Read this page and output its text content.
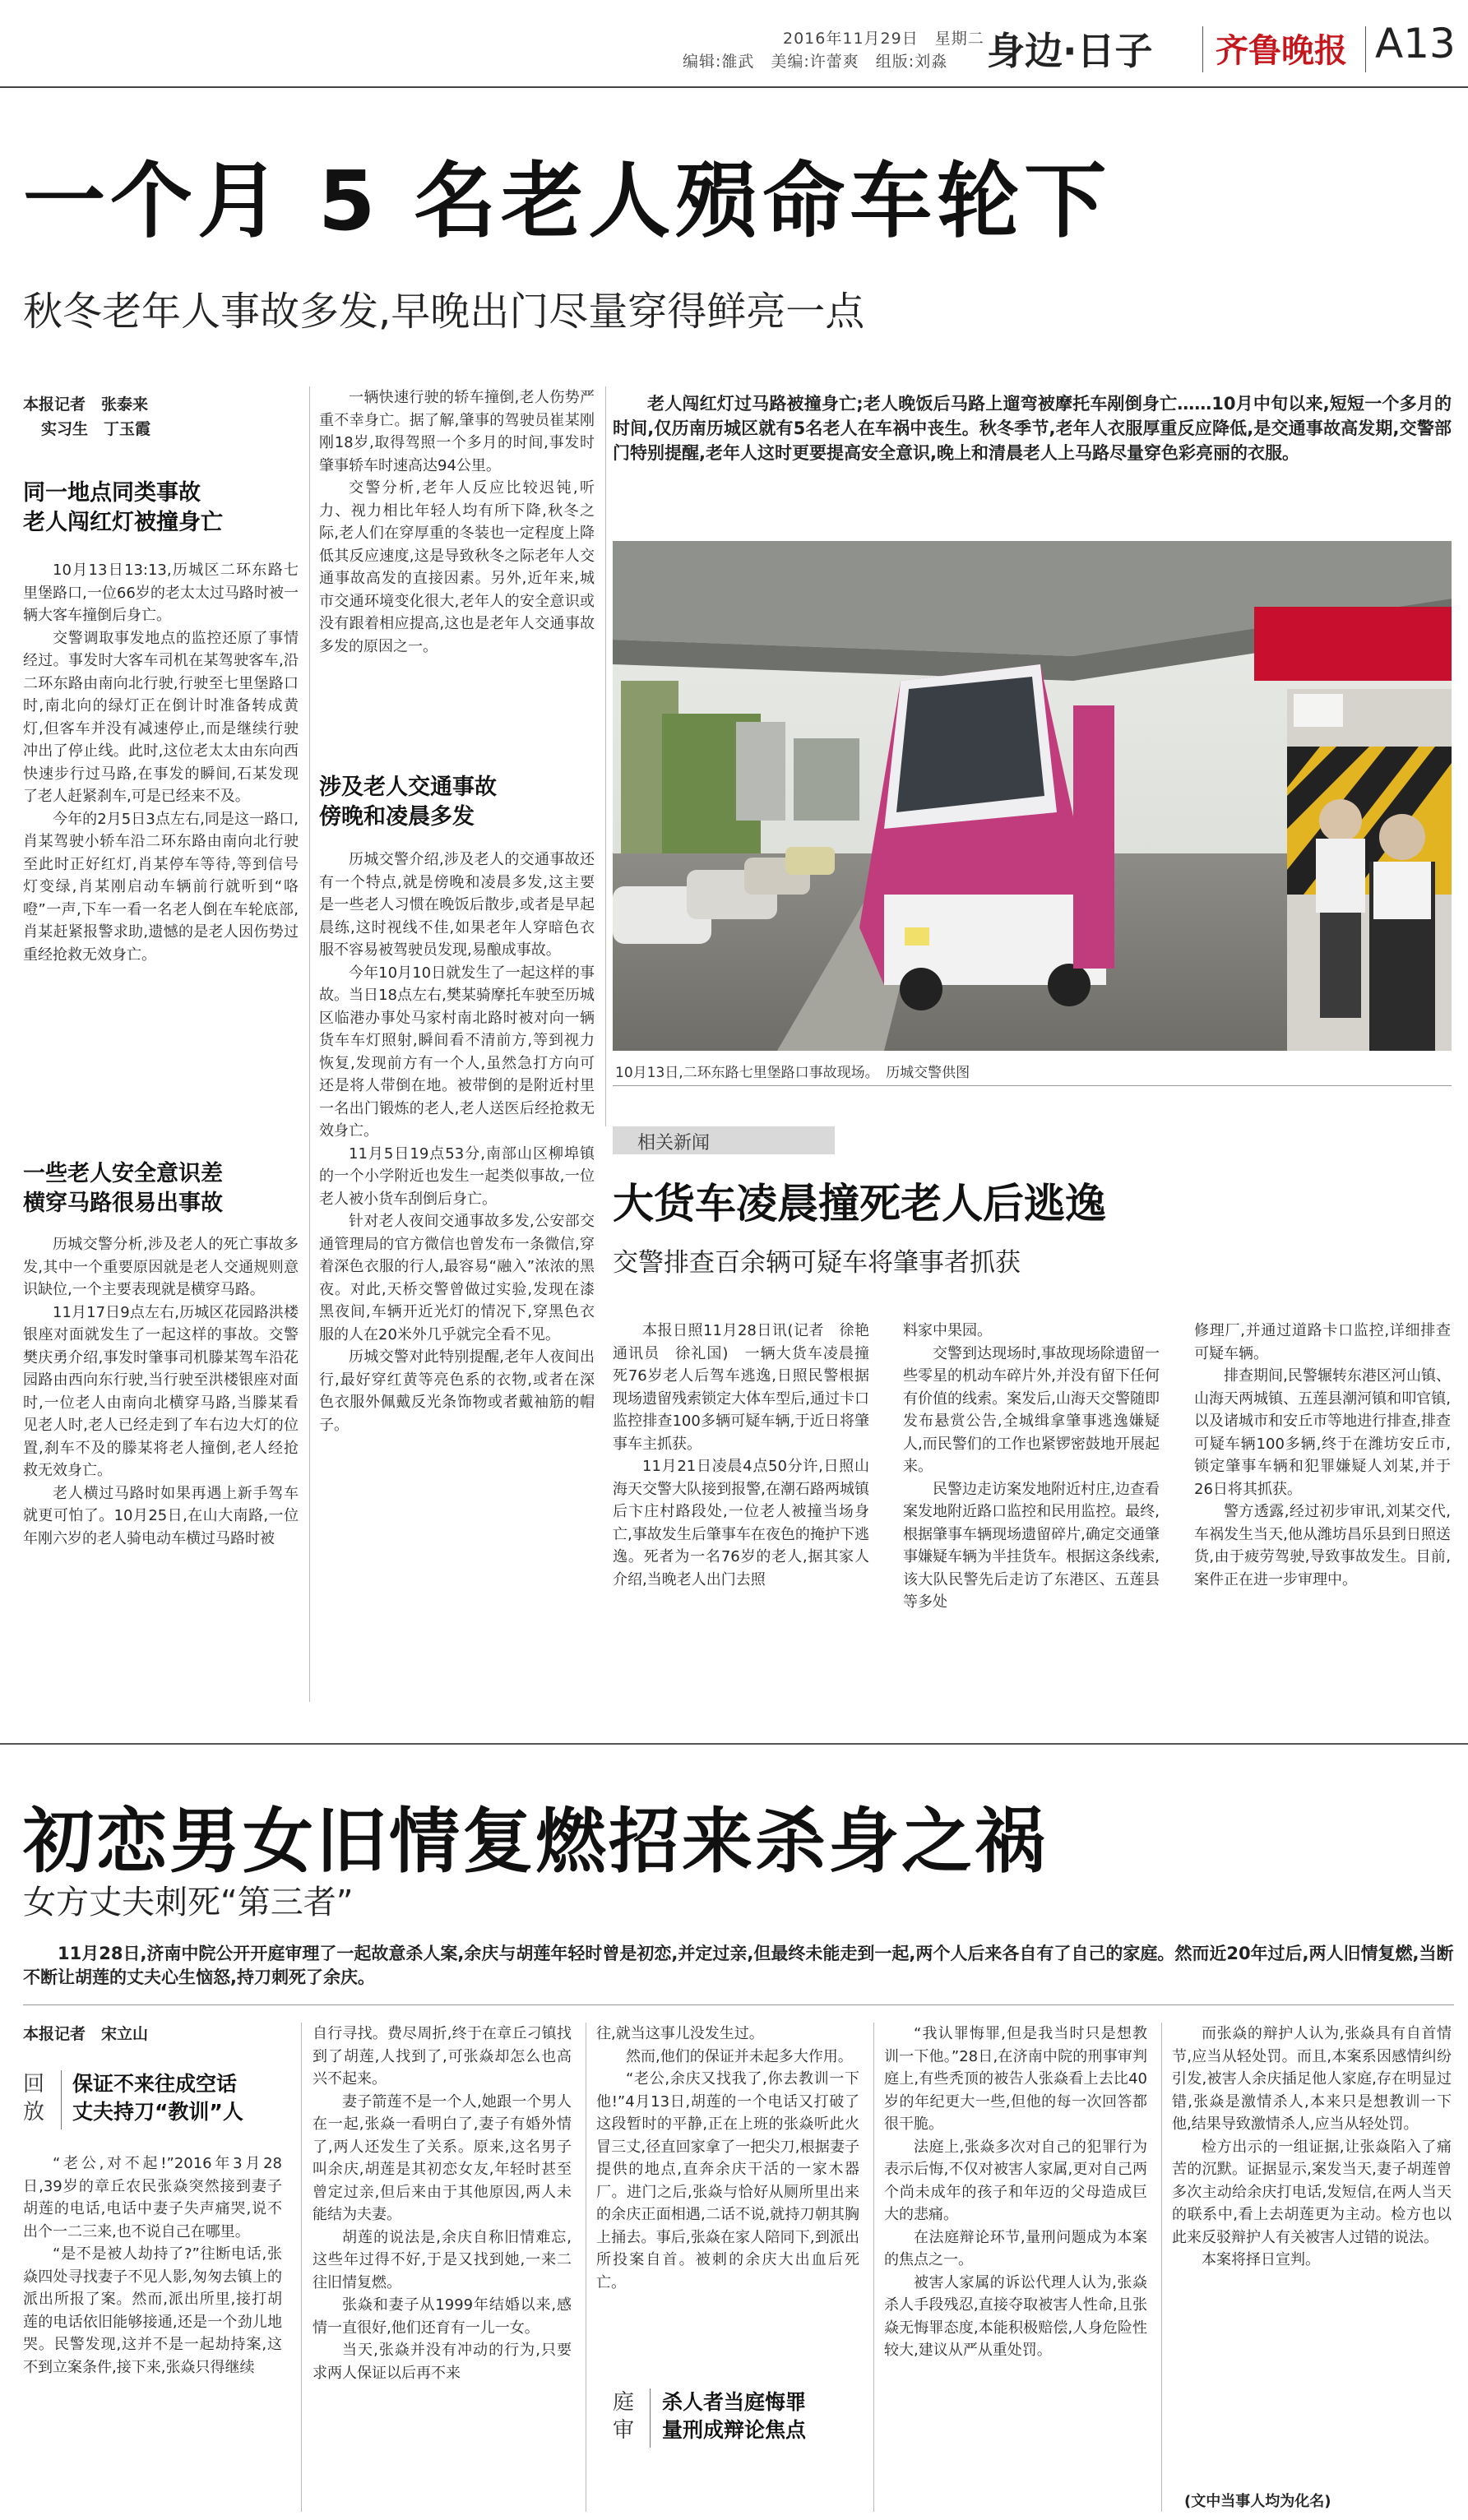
2016年11月29日　星期二
编辑:雒武　美编:许蕾爽　组版:刘淼 身边·日子 齐鲁晚报 A13
一个月 5 名老人殒命车轮下
秋冬老年人事故多发,早晚出门尽量穿得鲜亮一点
本报记者　张泰来
实习生　丁玉霞
同一地点同类事故
老人闯红灯被撞身亡

10月13日13:13,历城区二环东路七里堡路口,一位66岁的老太太过马路时被一辆大客车撞倒后身亡。

交警调取事发地点的监控还原了事情经过。事发时大客车司机在某驾驶客车,沿二环东路由南向北行驶,行驶至七里堡路口时,南北向的绿灯正在倒计时准备转成黄灯,但客车并没有减速停止,而是继续行驶冲出了停止线。此时,这位老太太由东向西快速步行过马路,在事发的瞬间,石某发现了老人赶紧刹车,可是已经来不及。

今年的2月5日3点左右,同是这一路口,肖某驾驶小轿车沿二环东路由南向北行驶至此时正好红灯,肖某停车等待,等到信号灯变绿,肖某刚启动车辆前行就听到“咯噔”一声,下车一看一名老人倒在车轮底部,肖某赶紧报警求助,遗憾的是老人因伤势过重经抢救无效身亡。

一些老人安全意识差
横穿马路很易出事故

历城交警分析,涉及老人的死亡事故多发,其中一个重要原因就是老人交通规则意识缺位,一个主要表现就是横穿马路。

11月17日9点左右,历城区花园路洪楼银座对面就发生了一起这样的事故。交警樊庆勇介绍,事发时肇事司机滕某驾车沿花园路由西向东行驶,当行驶至洪楼银座对面时,一位老人由南向北横穿马路,当滕某看见老人时,老人已经走到了车右边大灯的位置,刹车不及的滕某将老人撞倒,老人经抢救无效身亡。

老人横过马路时如果再遇上新手驾车就更可怕了。10月25日,在山大南路,一位年刚六岁的老人骑电动车横过马路时被

一辆快速行驶的轿车撞倒,老人伤势严重不幸身亡。据了解,肇事的驾驶员崔某刚刚18岁,取得驾照一个多月的时间,事发时肇事轿车时速高达94公里。

交警分析,老年人反应比较迟钝,听力、视力相比年轻人均有所下降,秋冬之际,老人们在穿厚重的冬装也一定程度上降低其反应速度,这是导致秋冬之际老年人交通事故高发的直接因素。另外,近年来,城市交通环境变化很大,老年人的安全意识或没有跟着相应提高,这也是老年人交通事故多发的原因之一。

涉及老人交通事故
傍晚和凌晨多发

历城交警介绍,涉及老人的交通事故还有一个特点,就是傍晚和凌晨多发,这主要是一些老人习惯在晚饭后散步,或者是早起晨练,这时视线不佳,如果老年人穿暗色衣服不容易被驾驶员发现,易酿成事故。

今年10月10日就发生了一起这样的事故。当日18点左右,樊某骑摩托车驶至历城区临港办事处马家村南北路时被对向一辆货车车灯照射,瞬间看不清前方,等到视力恢复,发现前方有一个人,虽然急打方向可还是将人带倒在地。被带倒的是附近村里一名出门锻炼的老人,老人送医后经抢救无效身亡。

11月5日19点53分,南部山区柳埠镇的一个小学附近也发生一起类似事故,一位老人被小货车刮倒后身亡。

针对老人夜间交通事故多发,公安部交通管理局的官方微信也曾发布一条微信,穿着深色衣服的行人,最容易“融入”浓浓的黑夜。对此,天桥交警曾做过实验,发现在漆黑夜间,车辆开近光灯的情况下,穿黑色衣服的人在20米外几乎就完全看不见。

历城交警对此特别提醒,老年人夜间出行,最好穿红黄等亮色系的衣物,或者在深色衣服外佩戴反光条饰物或者戴袖筋的帽子。

老人闯红灯过马路被撞身亡;老人晚饭后马路上遛弯被摩托车剐倒身亡……10月中旬以来,短短一个多月的时间,仅历南历城区就有5名老人在车祸中丧生。秋冬季节,老年人衣服厚重反应降低,是交通事故高发期,交警部门特别提醒,老年人这时更要提高安全意识,晚上和清晨老人上马路尽量穿色彩亮丽的衣服。
10月13日,二环东路七里堡路口事故现场。　历城交警供图
相关新闻
大货车凌晨撞死老人后逃逸
交警排查百余辆可疑车将肇事者抓获

本报日照11月28日讯(记者　徐艳　通讯员　徐礼国)　一辆大货车凌晨撞死76岁老人后驾车逃逸,日照民警根据现场遗留残索锁定大体车型后,通过卡口监控排查100多辆可疑车辆,于近日将肇事车主抓获。

11月21日凌晨4点50分许,日照山海天交警大队接到报警,在潮石路两城镇后卞庄村路段处,一位老人被撞当场身亡,事故发生后肇事车在夜色的掩护下逃逸。死者为一名76岁的老人,据其家人介绍,当晚老人出门去照

料家中果园。

交警到达现场时,事故现场除遗留一些零星的机动车碎片外,并没有留下任何有价值的线索。案发后,山海天交警随即发布悬赏公告,全城缉拿肇事逃逸嫌疑人,而民警们的工作也紧锣密鼓地开展起来。

民警边走访案发地附近村庄,边查看案发地附近路口监控和民用监控。最终,根据肇事车辆现场遗留碎片,确定交通肇事嫌疑车辆为半挂货车。根据这条线索,该大队民警先后走访了东港区、五莲县等多处

修理厂,并通过道路卡口监控,详细排查可疑车辆。

排查期间,民警辗转东港区河山镇、山海天两城镇、五莲县潮河镇和叩官镇,以及诸城市和安丘市等地进行排查,排查可疑车辆100多辆,终于在潍坊安丘市,锁定肇事车辆和犯罪嫌疑人刘某,并于26日将其抓获。

警方透露,经过初步审讯,刘某交代,车祸发生当天,他从潍坊昌乐县到日照送货,由于疲劳驾驶,导致事故发生。目前,案件正在进一步审理中。

初恋男女旧情复燃招来杀身之祸
女方丈夫刺死“第三者”
11月28日,济南中院公开开庭审理了一起故意杀人案,余庆与胡莲年轻时曾是初恋,并定过亲,但最终未能走到一起,两个人后来各自有了自己的家庭。然而近20年过后,两人旧情复燃,当断不断让胡莲的丈夫心生恼怒,持刀刺死了余庆。
本报记者　宋立山
回放
保证不来往成空话
丈夫持刀“教训”人

“老公,对不起!”2016年3月28日,39岁的章丘农民张焱突然接到妻子胡莲的电话,电话中妻子失声痛哭,说不出个一二三来,也不说自己在哪里。

“是不是被人劫持了?”往断电话,张焱四处寻找妻子不见人影,匆匆去镇上的派出所报了案。然而,派出所里,接打胡莲的电话依旧能够接通,还是一个劲儿地哭。民警发现,这并不是一起劫持案,这不到立案条件,接下来,张焱只得继续

自行寻找。费尽周折,终于在章丘刁镇找到了胡莲,人找到了,可张焱却怎么也高兴不起来。

妻子箭莲不是一个人,她跟一个男人在一起,张焱一看明白了,妻子有婚外情了,两人还发生了关系。原来,这名男子叫余庆,胡莲是其初恋女友,年轻时甚至曾定过亲,但后来由于其他原因,两人未能结为夫妻。

胡莲的说法是,余庆自称旧情难忘,这些年过得不好,于是又找到她,一来二往旧情复燃。

张焱和妻子从1999年结婚以来,感情一直很好,他们还育有一儿一女。

当天,张焱并没有冲动的行为,只要求两人保证以后再不来

往,就当这事儿没发生过。

然而,他们的保证并未起多大作用。

“老公,余庆又找我了,你去教训一下他!”4月13日,胡莲的一个电话又打破了这段暂时的平静,正在上班的张焱听此火冒三丈,径直回家拿了一把尖刀,根据妻子提供的地点,直奔余庆干活的一家木器厂。进门之后,张焱与恰好从厕所里出来的余庆正面相遇,二话不说,就持刀朝其胸上捅去。事后,张焱在家人陪同下,到派出所投案自首。被刺的余庆大出血后死亡。

庭审
杀人者当庭悔罪
量刑成辩论焦点

“我认罪悔罪,但是我当时只是想教训一下他。”28日,在济南中院的刑事审判庭上,有些秃顶的被告人张焱看上去比40岁的年纪更大一些,但他的每一次回答都很干脆。

法庭上,张焱多次对自己的犯罪行为表示后悔,不仅对被害人家属,更对自己两个尚未成年的孩子和年迈的父母造成巨大的悲痛。

在法庭辩论环节,量刑问题成为本案的焦点之一。

被害人家属的诉讼代理人认为,张焱杀人手段残忍,直接夺取被害人性命,且张焱无悔罪态度,本能积极赔偿,人身危险性较大,建议从严从重处罚。

而张焱的辩护人认为,张焱具有自首情节,应当从轻处罚。而且,本案系因感情纠纷引发,被害人余庆插足他人家庭,存在明显过错,张焱是激情杀人,本来只是想教训一下他,结果导致激情杀人,应当从轻处罚。

检方出示的一组证据,让张焱陷入了痛苦的沉默。证据显示,案发当天,妻子胡莲曾多次主动给余庆打电话,发短信,在两人当天的联系中,看上去胡莲更为主动。检方也以此来反驳辩护人有关被害人过错的说法。

本案将择日宣判。

(文中当事人均为化名)
